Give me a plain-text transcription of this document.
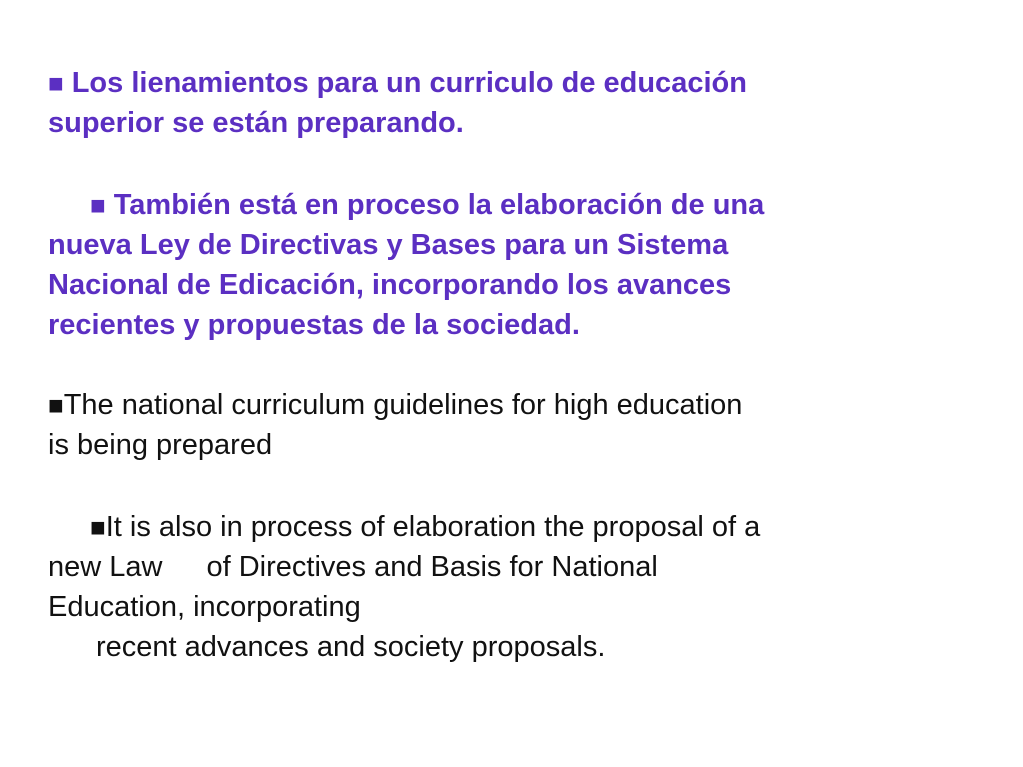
■ Los lienamientos para un curriculo de educación
superior se están preparando.
■ También está en proceso la elaboración de una
nueva Ley de Directivas y Bases para un Sistema
Nacional de Edicación, incorporando los avances
recientes y propuestas de la sociedad.
■The national curriculum guidelines for high education
is being prepared
■It is also in process of elaboration the proposal of a
new Law of Directives and Basis for National
Education, incorporating
recent advances and society proposals.
